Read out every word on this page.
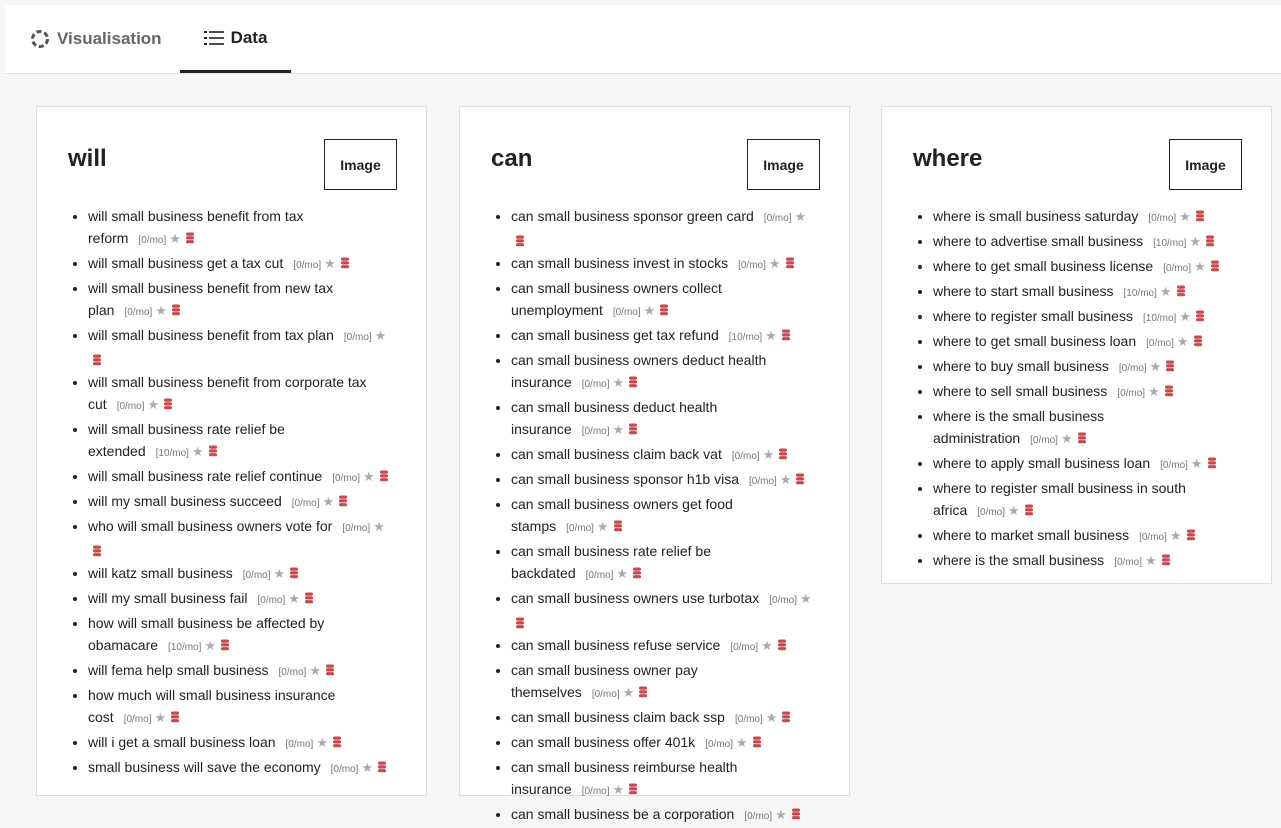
Visualisation	Data
will	Image
• will small business benefit from tax reform [0/mo] ★
• will small business get a tax cut [0/mo] ★
• will small business benefit from new tax plan [0/mo] ★
• will small business benefit from tax plan [0/mo] ★
• will small business benefit from corporate tax cut [0/mo] ★
• will small business rate relief be extended [10/mo] ★
• will small business rate relief continue [0/mo] ★
• will my small business succeed [0/mo] ★
• who will small business owners vote for [0/mo] ★
• will katz small business [0/mo] ★
• will my small business fail [0/mo] ★
• how will small business be affected by obamacare [10/mo] ★
• will fema help small business [0/mo] ★
• how much will small business insurance cost [0/mo] ★
• will i get a small business loan [0/mo] ★
• small business will save the economy [0/mo] ★
can	Image
• can small business sponsor green card [0/mo] ★
• can small business invest in stocks [0/mo] ★
• can small business owners collect unemployment [0/mo] ★
• can small business get tax refund [10/mo] ★
• can small business owners deduct health insurance [0/mo] ★
• can small business deduct health insurance [0/mo] ★
• can small business claim back vat [0/mo] ★
• can small business sponsor h1b visa [0/mo] ★
• can small business owners get food stamps [0/mo] ★
• can small business rate relief be backdated [0/mo] ★
• can small business owners use turbotax [0/mo] ★
• can small business refuse service [0/mo] ★
• can small business owner pay themselves [0/mo] ★
• can small business claim back ssp [0/mo] ★
• can small business offer 401k [0/mo] ★
• can small business reimburse health insurance [0/mo] ★
• can small business be a corporation [0/mo] ★
where	Image
• where is small business saturday [0/mo] ★
• where to advertise small business [10/mo] ★
• where to get small business license [0/mo] ★
• where to start small business [10/mo] ★
• where to register small business [10/mo] ★
• where to get small business loan [0/mo] ★
• where to buy small business [0/mo] ★
• where to sell small business [0/mo] ★
• where is the small business administration [0/mo] ★
• where to apply small business loan [0/mo] ★
• where to register small business in south africa [0/mo] ★
• where to market small business [0/mo] ★
• where is the small business [0/mo] ★
